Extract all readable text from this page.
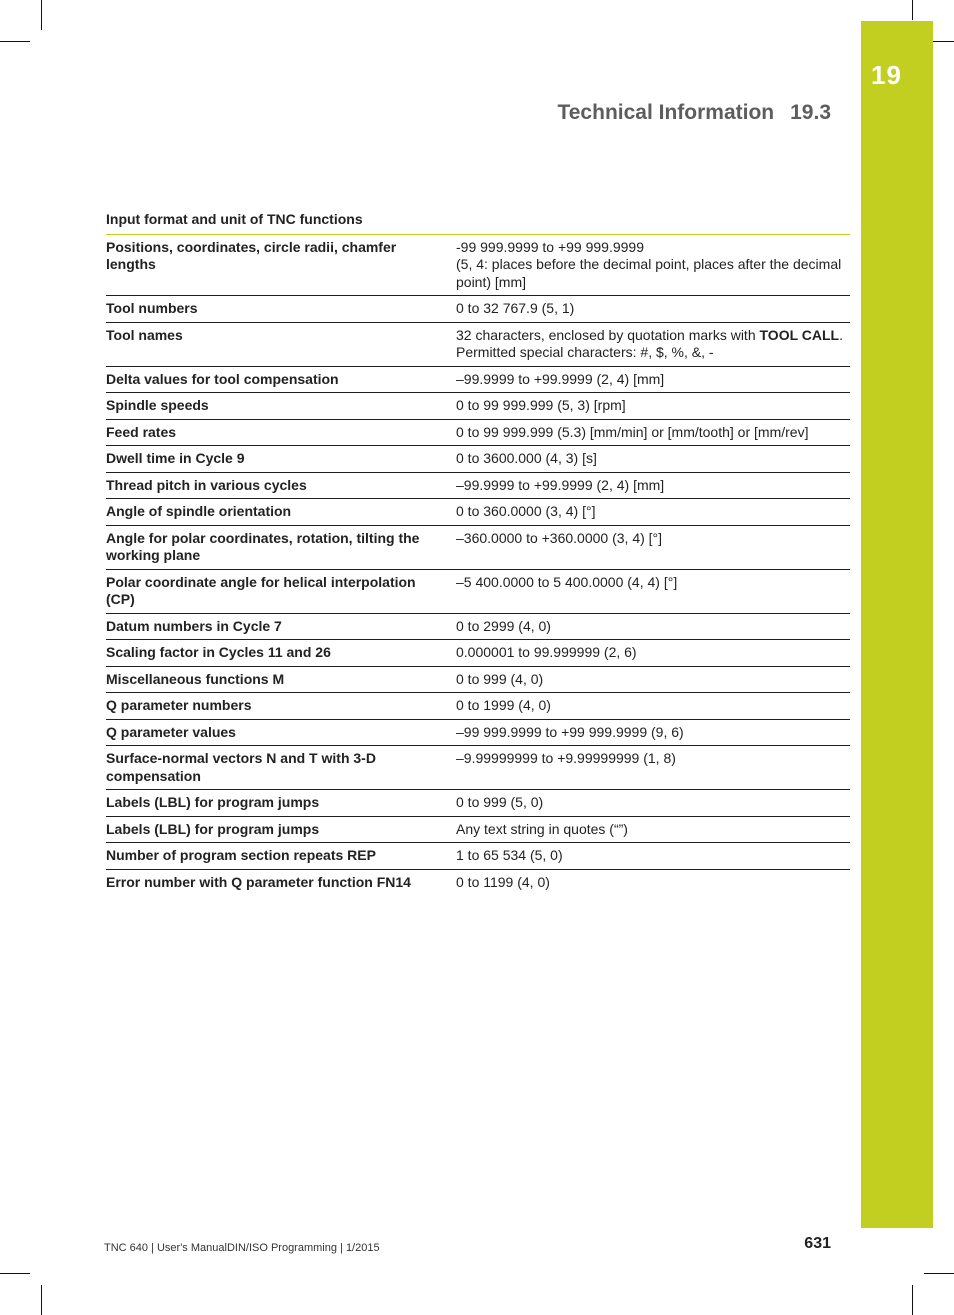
19
Technical Information 19.3
Input format and unit of TNC functions	
Positions, coordinates, circle radii, chamfer lengths	-99 999.9999 to +99 999.9999
(5, 4: places before the decimal point, places after the decimal point) [mm]

Tool numbers	0 to 32 767.9 (5, 1)

Tool names	32 characters, enclosed by quotation marks with TOOL CALL. Permitted special characters: #, $, %, &, -
Delta values for tool compensation	–99.9999 to +99.9999 (2, 4) [mm]

Spindle speeds	0 to 99 999.999 (5, 3) [rpm]

Feed rates	0 to 99 999.999 (5.3) [mm/min] or [mm/tooth] or [mm/rev]

Dwell time in Cycle 9	0 to 3600.000 (4, 3) [s]

Thread pitch in various cycles	–99.9999 to +99.9999 (2, 4) [mm]

Angle of spindle orientation	0 to 360.0000 (3, 4) [°]

Angle for polar coordinates, rotation, tilting the working plane	–360.0000 to +360.0000 (3, 4) [°]

Polar coordinate angle for helical interpolation (CP)	–5 400.0000 to 5 400.0000 (4, 4) [°]

Datum numbers in Cycle 7	0 to 2999 (4, 0)

Scaling factor in Cycles 11 and 26	0.000001 to 99.999999 (2, 6)

Miscellaneous functions M	0 to 999 (4, 0)

Q parameter numbers	0 to 1999 (4, 0)

Q parameter values	–99 999.9999 to +99 999.9999 (9, 6)

Surface-normal vectors N and T with 3-D compensation	–9.99999999 to +9.99999999 (1, 8)

Labels (LBL) for program jumps	0 to 999 (5, 0)

Labels (LBL) for program jumps	Any text string in quotes (“”)

Number of program section repeats REP	1 to 65 534 (5, 0)

Error number with Q parameter function FN14	0 to 1199 (4, 0)
TNC 640 | User's ManualDIN/ISO Programming | 1/2015	631
